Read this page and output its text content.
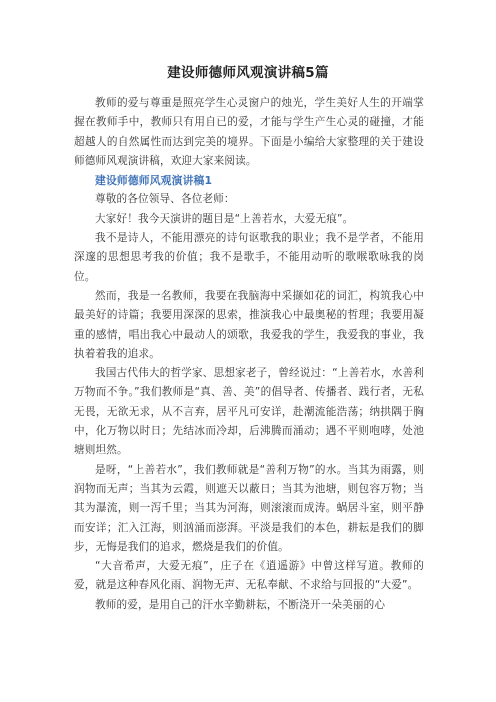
建设师德师风观演讲稿5篇

教师的爱与尊重是照亮学生心灵窗户的烛光，学生美好人生的开端掌握在教师手中，教师只有用自已的爱，才能与学生产生心灵的碰撞，才能超越人的自然属性而达到完美的境界。下面是小编给大家整理的关于建设师德师风观演讲稿，欢迎大家来阅读。

建设师德师风观演讲稿1

尊敬的各位领导、各位老师：

大家好！我今天演讲的题目是“上善若水，大爱无痕”。

我不是诗人，不能用漂亮的诗句讴歌我的职业；我不是学者，不能用深邃的思想思考我的价值；我不是歌手，不能用动听的歌喉歌咏我的岗位。

然而，我是一名教师，我要在我脑海中采撷如花的词汇，构筑我心中最美好的诗篇；我要用深深的思索，推演我心中最奥秘的哲理；我要用凝重的感情，唱出我心中最动人的颂歌，我爱我的学生，我爱我的事业，我执着着我的追求。

我国古代伟大的哲学家、思想家老子，曾经说过：“上善若水，水善利万物而不争。”我们教师是“真、善、美”的倡导者、传播者、践行者，无私无畏，无欲无求，从不言弃，居平凡可安详，赴潮流能浩荡；纳拱隅于胸中，化万物以时日；先结冰而冷却，后沸腾而涌动；遇不平则咆哮，处池塘则坦然。

是呀，“上善若水”，我们教师就是“善利万物”的水。当其为雨露，则润物而无声；当其为云霞，则遮天以蔽日；当其为池塘，则包容万物；当其为瀑流，则一泻千里；当其为河海，则滚滚而成涛。蜗居斗室，则平静而安详；汇入江海，则汹涌而澎湃。平淡是我们的本色，耕耘是我们的脚步，无悔是我们的追求，燃烧是我们的价值。

“大音希声，大爱无痕”，庄子在《逍遥游》中曾这样写道。教师的爱，就是这种春风化雨、润物无声、无私奉献、不求给与回报的“大爱”。

教师的爱，是用自己的汗水辛勤耕耘，不断浇开一朵美丽的心
